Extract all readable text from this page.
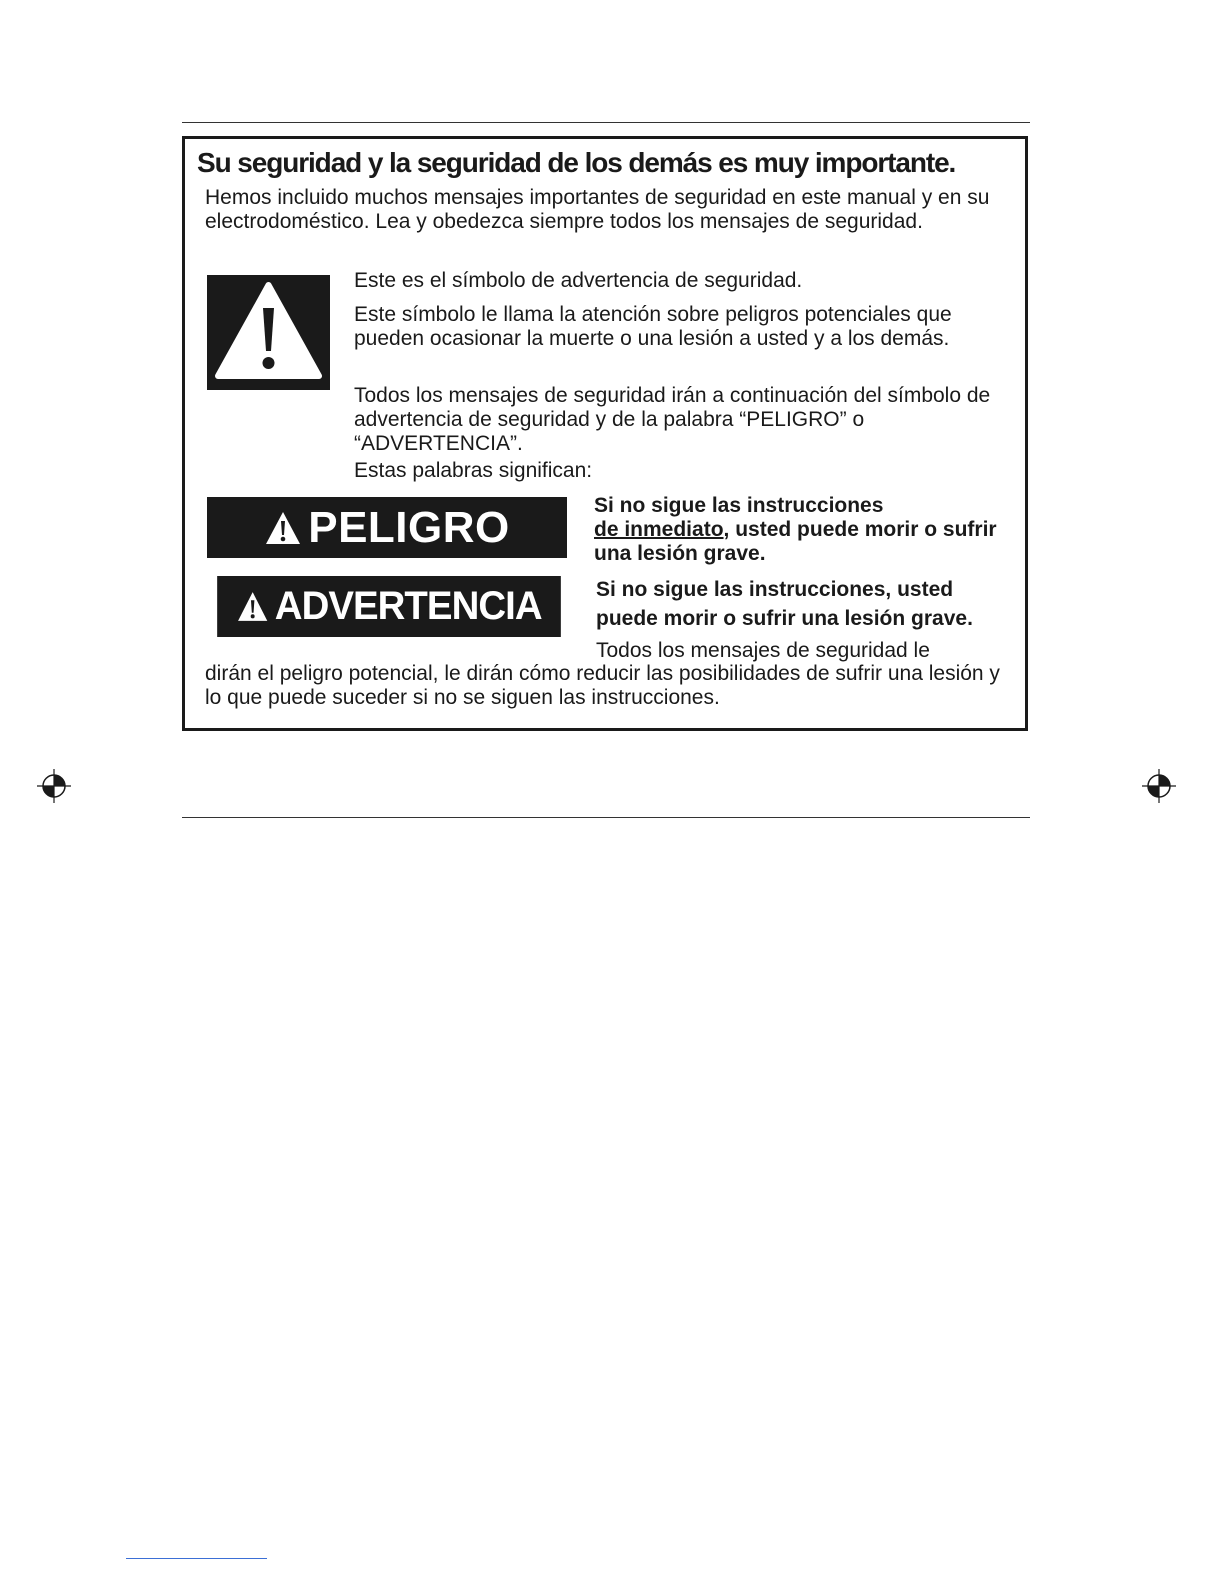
Su seguridad y la seguridad de los demás es muy importante.
Hemos incluido muchos mensajes importantes de seguridad en este manual y en su electrodoméstico. Lea y obedezca siempre todos los mensajes de seguridad.
Este es el símbolo de advertencia de seguridad.
Este símbolo le llama la atención sobre peligros potenciales que pueden ocasionar la muerte o una lesión a usted y a los demás.
Todos los mensajes de seguridad irán a continuación del símbolo de advertencia de seguridad y de la palabra “PELIGRO” o “ADVERTENCIA”.
Estas palabras significan:
PELIGRO	Si no sigue las instrucciones
de inmediato, usted puede morir o sufrir una lesión grave.
ADVERTENCIA	Si no sigue las instrucciones, usted puede morir o sufrir una lesión grave.
Todos los mensajes de seguridad le
dirán el peligro potencial, le dirán cómo reducir las posibilidades de sufrir una lesión y lo que puede suceder si no se siguen las instrucciones.
